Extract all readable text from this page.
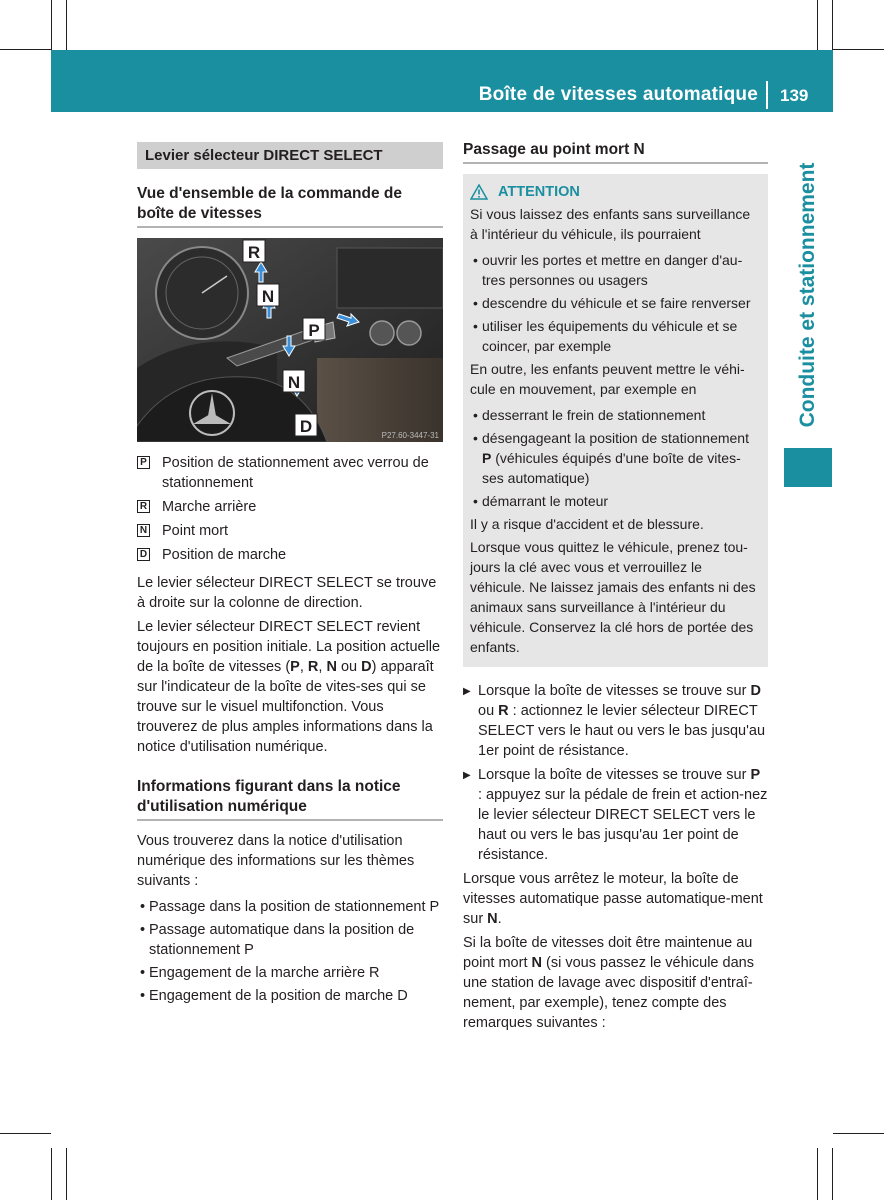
Boîte de vitesses automatique 139
Conduite et stationnement
Levier sélecteur DIRECT SELECT
Vue d'ensemble de la commande de boîte de vitesses
R
N
P
N
D	P27.60-3447-31
P Position de stationnement avec verrou de stationnement
R Marche arrière
N Point mort
D Position de marche

Le levier sélecteur DIRECT SELECT se trouve à droite sur la colonne de direction.

Le levier sélecteur DIRECT SELECT revient toujours en position initiale. La position actuelle de la boîte de vitesses (P, R, N ou D) apparaît sur l'indicateur de la boîte de vites-ses qui se trouve sur le visuel multifonction. Vous trouverez de plus amples informations dans la notice d'utilisation numérique.

Informations figurant dans la notice d'utilisation numérique

Vous trouverez dans la notice d'utilisation numérique des informations sur les thèmes suivants :

• Passage dans la position de stationnement P
• Passage automatique dans la position de stationnement P
• Engagement de la marche arrière R
• Engagement de la position de marche D
Passage au point mort N
ATTENTION

Si vous laissez des enfants sans surveillance à l'intérieur du véhicule, ils pourraient

• ouvrir les portes et mettre en danger d'au-tres personnes ou usagers
• descendre du véhicule et se faire renverser
• utiliser les équipements du véhicule et se coincer, par exemple

En outre, les enfants peuvent mettre le véhi-cule en mouvement, par exemple en

• desserrant le frein de stationnement
• désengageant la position de stationnement P (véhicules équipés d'une boîte de vites-ses automatique)
• démarrant le moteur

Il y a risque d'accident et de blessure.

Lorsque vous quittez le véhicule, prenez tou-jours la clé avec vous et verrouillez le véhicule. Ne laissez jamais des enfants ni des animaux sans surveillance à l'intérieur du véhicule. Conservez la clé hors de portée des enfants.

▶ Lorsque la boîte de vitesses se trouve sur D ou R : actionnez le levier sélecteur DIRECT SELECT vers le haut ou vers le bas jusqu'au 1er point de résistance.
▶ Lorsque la boîte de vitesses se trouve sur P : appuyez sur la pédale de frein et action-nez le levier sélecteur DIRECT SELECT vers le haut ou vers le bas jusqu'au 1er point de résistance.

Lorsque vous arrêtez le moteur, la boîte de vitesses automatique passe automatique-ment sur N.

Si la boîte de vitesses doit être maintenue au point mort N (si vous passez le véhicule dans une station de lavage avec dispositif d'entraî-nement, par exemple), tenez compte des remarques suivantes :
